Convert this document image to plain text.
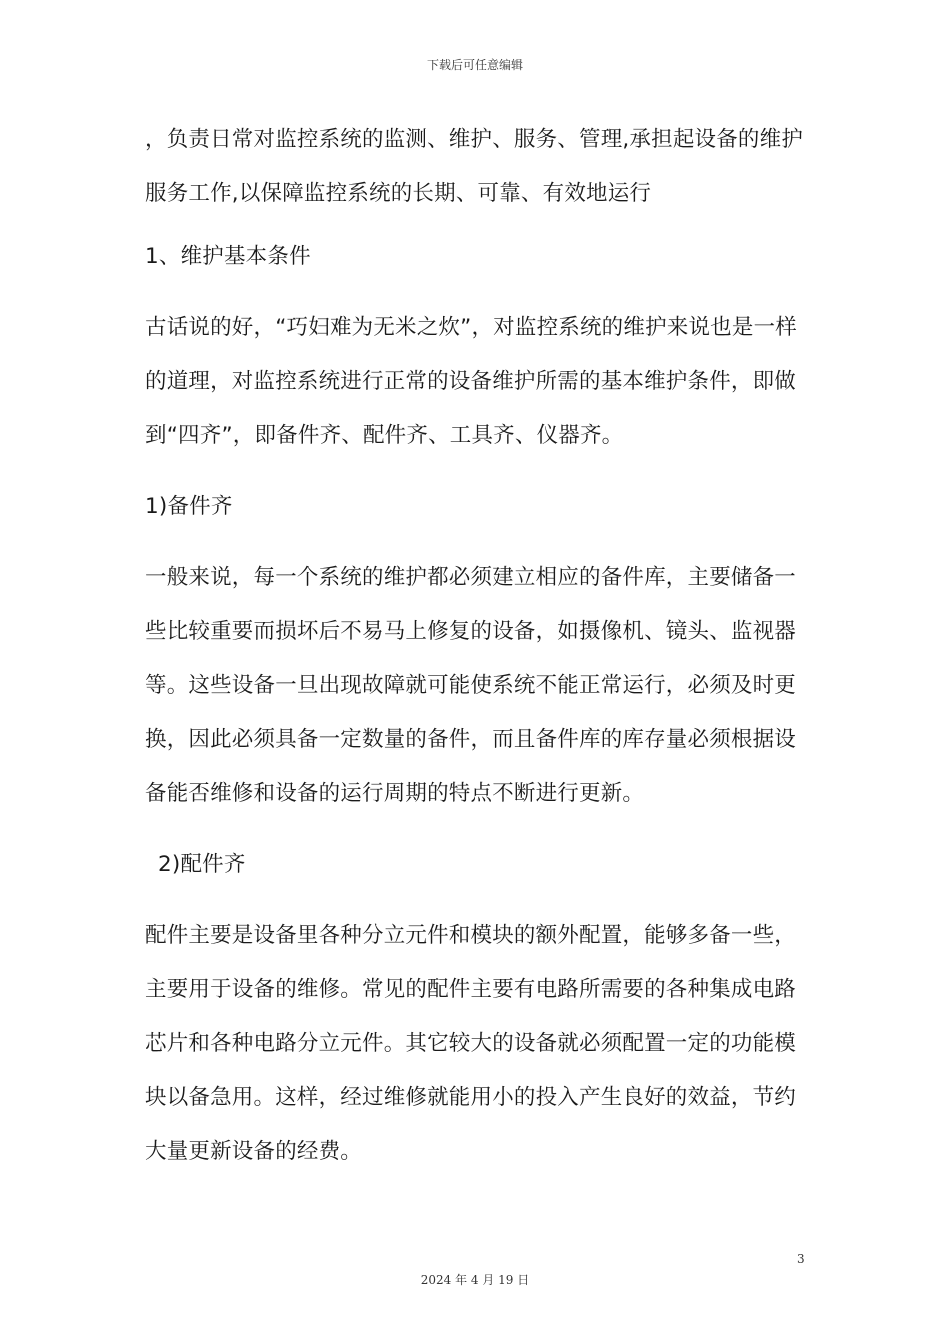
下载后可任意编辑

，负责日常对监控系统的监测、维护、服务、管理,承担起设备的维护服务工作,以保障监控系统的长期、可靠、有效地运行

1、维护基本条件

古话说的好，“巧妇难为无米之炊”，对监控系统的维护来说也是一样的道理，对监控系统进行正常的设备维护所需的基本维护条件，即做到“四齐”，即备件齐、配件齐、工具齐、仪器齐。

1)备件齐

一般来说，每一个系统的维护都必须建立相应的备件库，主要储备一些比较重要而损坏后不易马上修复的设备，如摄像机、镜头、监视器等。这些设备一旦出现故障就可能使系统不能正常运行，必须及时更换，因此必须具备一定数量的备件，而且备件库的库存量必须根据设备能否维修和设备的运行周期的特点不断进行更新。

2)配件齐

配件主要是设备里各种分立元件和模块的额外配置，能够多备一些，主要用于设备的维修。常见的配件主要有电路所需要的各种集成电路芯片和各种电路分立元件。其它较大的设备就必须配置一定的功能模块以备急用。这样，经过维修就能用小的投入产生良好的效益，节约大量更新设备的经费。

3
2024 年 4 月 19 日
